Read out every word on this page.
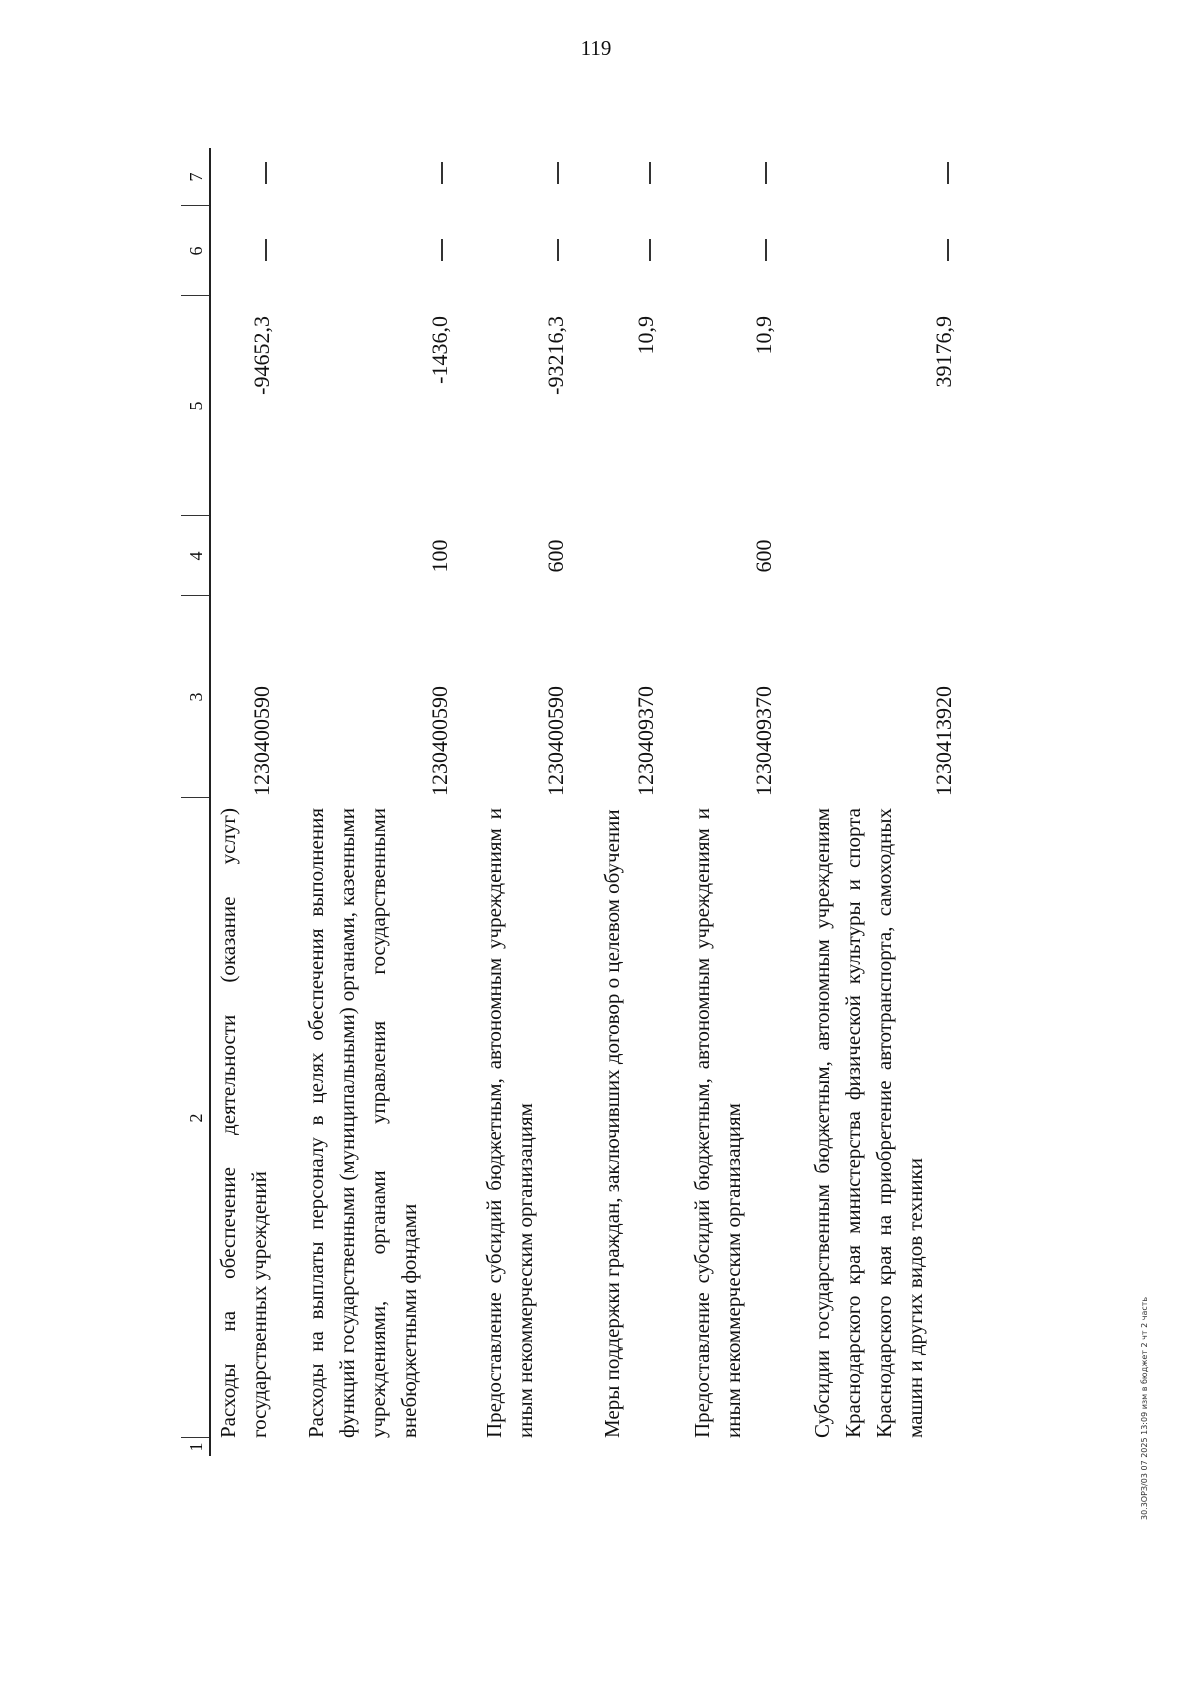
119
1
2
3
4
5
6
7
Расходы на обеспечение деятельности (оказание услуг) государственных учреждений
1230400590
-94652,3
Расходы на выплаты персоналу в целях обеспечения выполнения функций государственными (муниципальными) органами, казенными учреждениями, органами управления государственными внебюджетными фондами
1230400590
100
-1436,0
Предоставление субсидий бюджетным, автономным учреждениям и иным некоммерческим организациям
1230400590
600
-93216,3
Меры поддержки граждан, заключивших договор о целевом обучении
1230409370
10,9
Предоставление субсидий бюджетным, автономным учреждениям и иным некоммерческим организациям
1230409370
600
10,9
Субсидии государственным бюджетным, автономным учреждениям Краснодарского края министерства физической культуры и спорта Краснодарского края на приобретение автотранспорта, самоходных машин и других видов техники
1230413920
39176,9
30.3ОРЗ/03 07 2025 13:09 изм в бюджет 2 чт 2 часть
